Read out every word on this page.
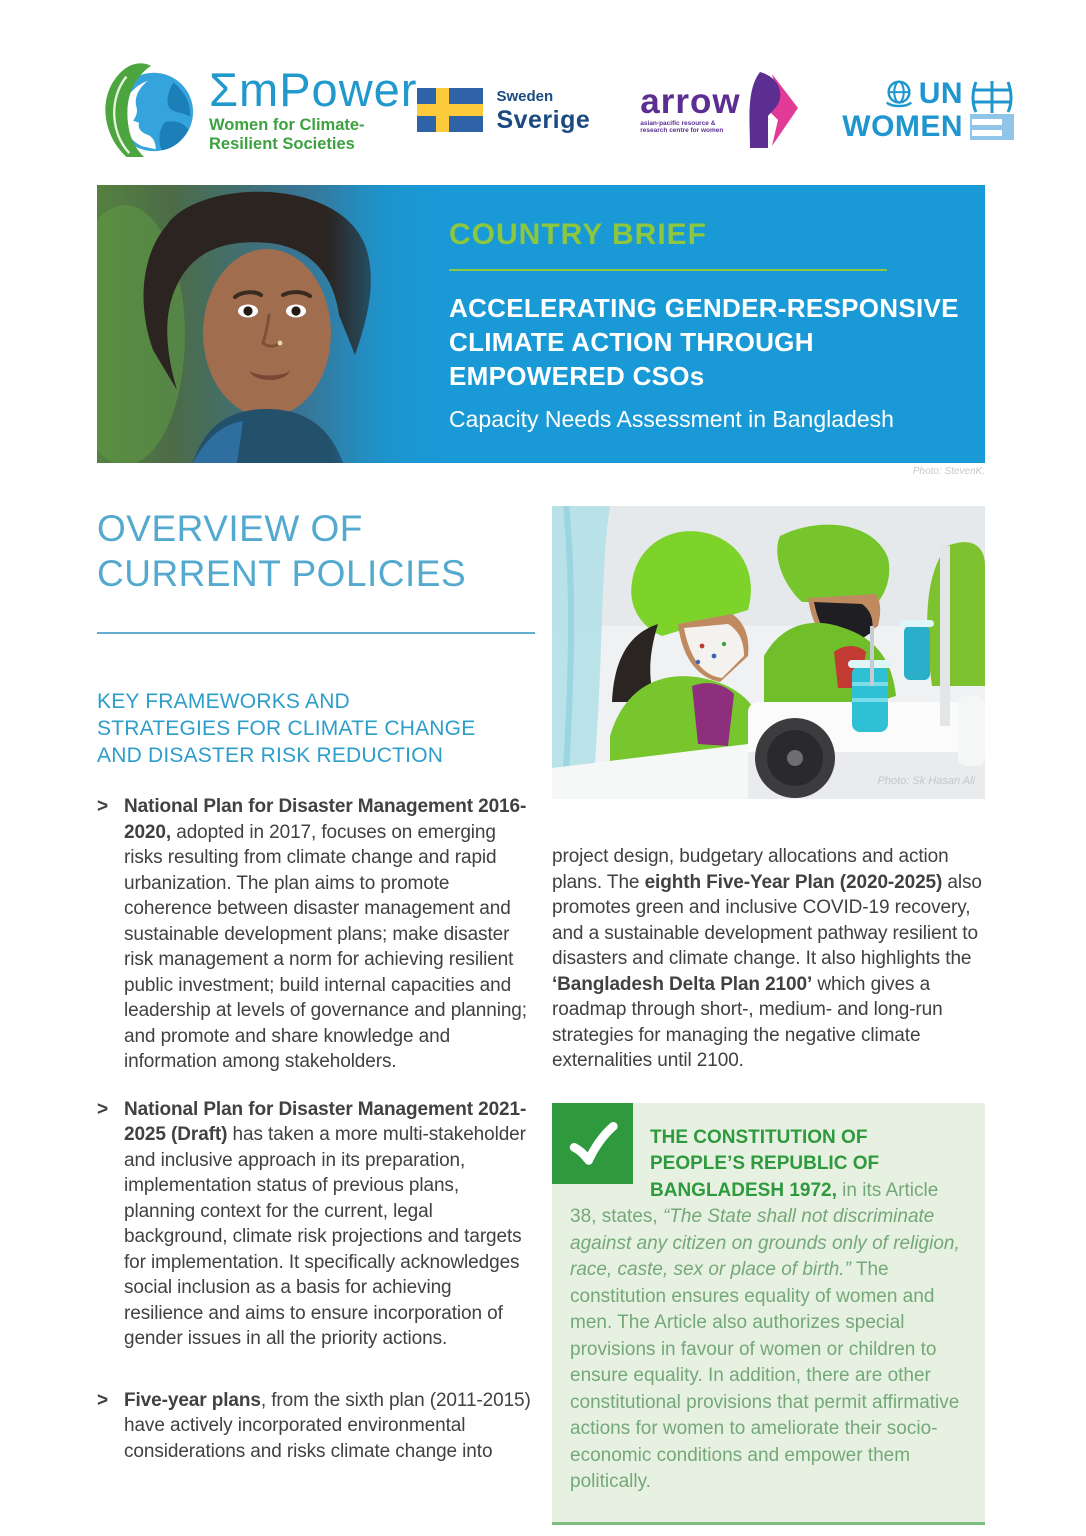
ΣmPower
Women for Climate-Resilient Societies
Sweden
Sverige arrow
asian-pacific resource & research centre for women
UN
WOMEN
COUNTRY BRIEF
ACCELERATING GENDER-RESPONSIVE
CLIMATE ACTION THROUGH
EMPOWERED CSOs
Capacity Needs Assessment in Bangladesh
Photo: StevenK.
OVERVIEW OF CURRENT POLICIES
KEY FRAMEWORKS AND STRATEGIES FOR CLIMATE CHANGE AND DISASTER RISK REDUCTION
> National Plan for Disaster Management 2016-2020, adopted in 2017, focuses on emerging risks resulting from climate change and rapid urbanization. The plan aims to promote coherence between disaster management and sustainable development plans; make disaster risk management a norm for achieving resilient public investment; build internal capacities and leadership at levels of governance and planning; and promote and share knowledge and information among stakeholders.
> National Plan for Disaster Management 2021-2025 (Draft) has taken a more multi-stakeholder and inclusive approach in its preparation, implementation status of previous plans, planning context for the current, legal background, climate risk projections and targets for implementation. It specifically acknowledges social inclusion as a basis for achieving resilience and aims to ensure incorporation of gender issues in all the priority actions.
> Five-year plans, from the sixth plan (2011-2015) have actively incorporated environmental considerations and risks climate change into
Photo: Sk Hasan Ali
project design, budgetary allocations and action plans. The eighth Five-Year Plan (2020-2025) also promotes green and inclusive COVID-19 recovery, and a sustainable development pathway resilient to disasters and climate change. It also highlights the ‘Bangladesh Delta Plan 2100’ which gives a roadmap through short-, medium- and long-run strategies for managing the negative climate externalities until 2100.
THE CONSTITUTION OF PEOPLE’S REPUBLIC OF BANGLADESH 1972, in its Article 38, states, “The State shall not discriminate against any citizen on grounds only of religion, race, caste, sex or place of birth.” The constitution ensures equality of women and men. The Article also authorizes special provisions in favour of women or children to ensure equality. In addition, there are other constitutional provisions that permit affirmative actions for women to ameliorate their socio-economic conditions and empower them politically.
